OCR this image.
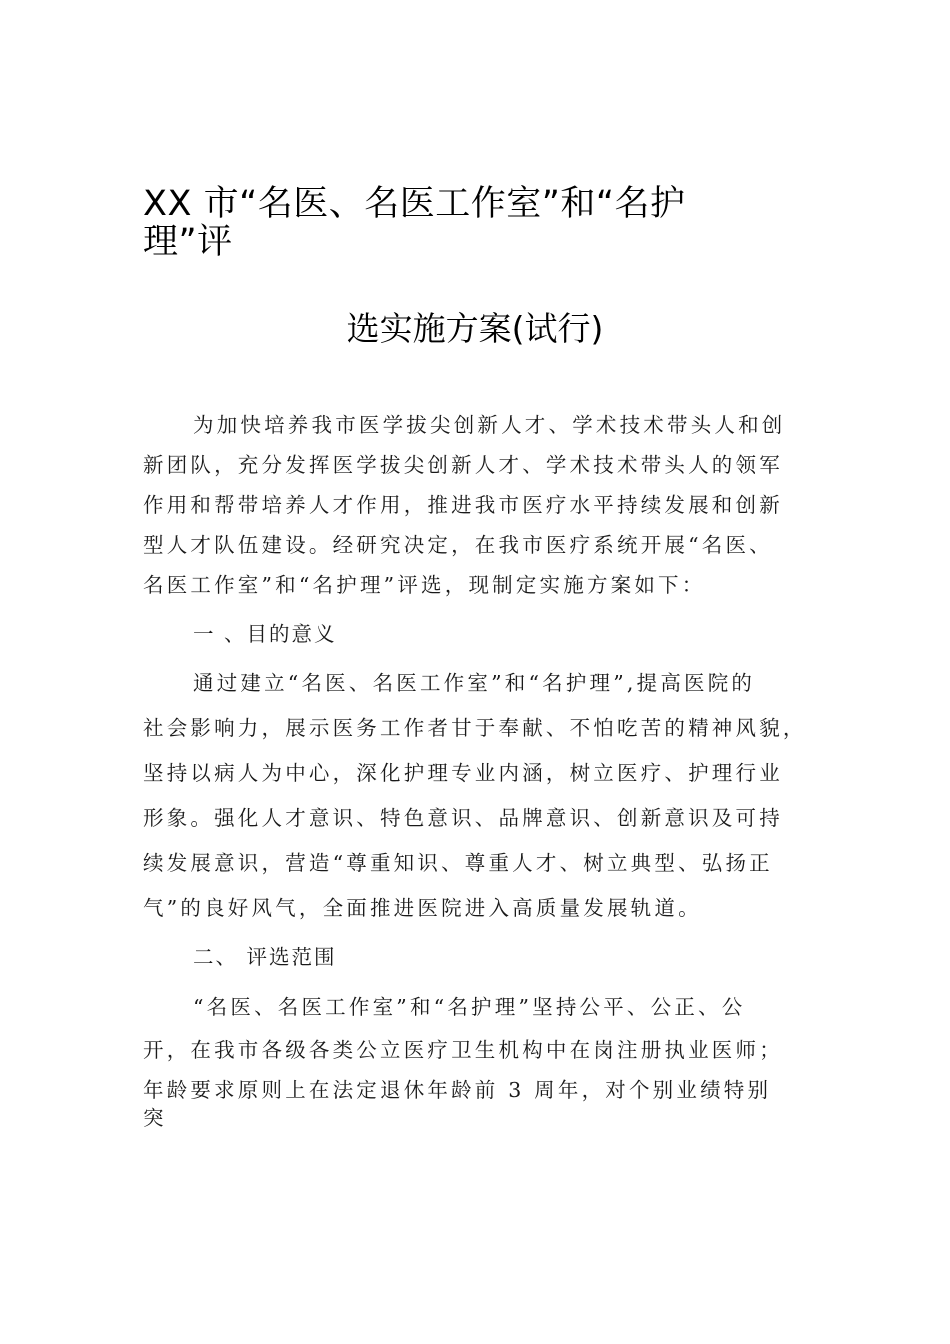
XX 市“名医、名医工作室”和“名护
理”评
选实施方案(试行)
为加快培养我市医学拔尖创新人才、学术技术带头人和创
新团队，充分发挥医学拔尖创新人才、学术技术带头人的领军
作用和帮带培养人才作用，推进我市医疗水平持续发展和创新
型人才队伍建设。经研究决定，在我市医疗系统开展“名医、
名医工作室”和“名护理”评选，现制定实施方案如下：
一 、目的意义
通过建立“名医、名医工作室”和“名护理”,提高医院的
社会影响力，展示医务工作者甘于奉献、不怕吃苦的精神风貌，
坚持以病人为中心，深化护理专业内涵，树立医疗、护理行业
形象。强化人才意识、特色意识、品牌意识、创新意识及可持
续发展意识，营造“尊重知识、尊重人才、树立典型、弘扬正
气”的良好风气，全面推进医院进入高质量发展轨道。
二、 评选范围
“名医、名医工作室”和“名护理”坚持公平、公正、公
开，在我市各级各类公立医疗卫生机构中在岗注册执业医师；
年龄要求原则上在法定退休年龄前 3 周年，对个别业绩特别
突
